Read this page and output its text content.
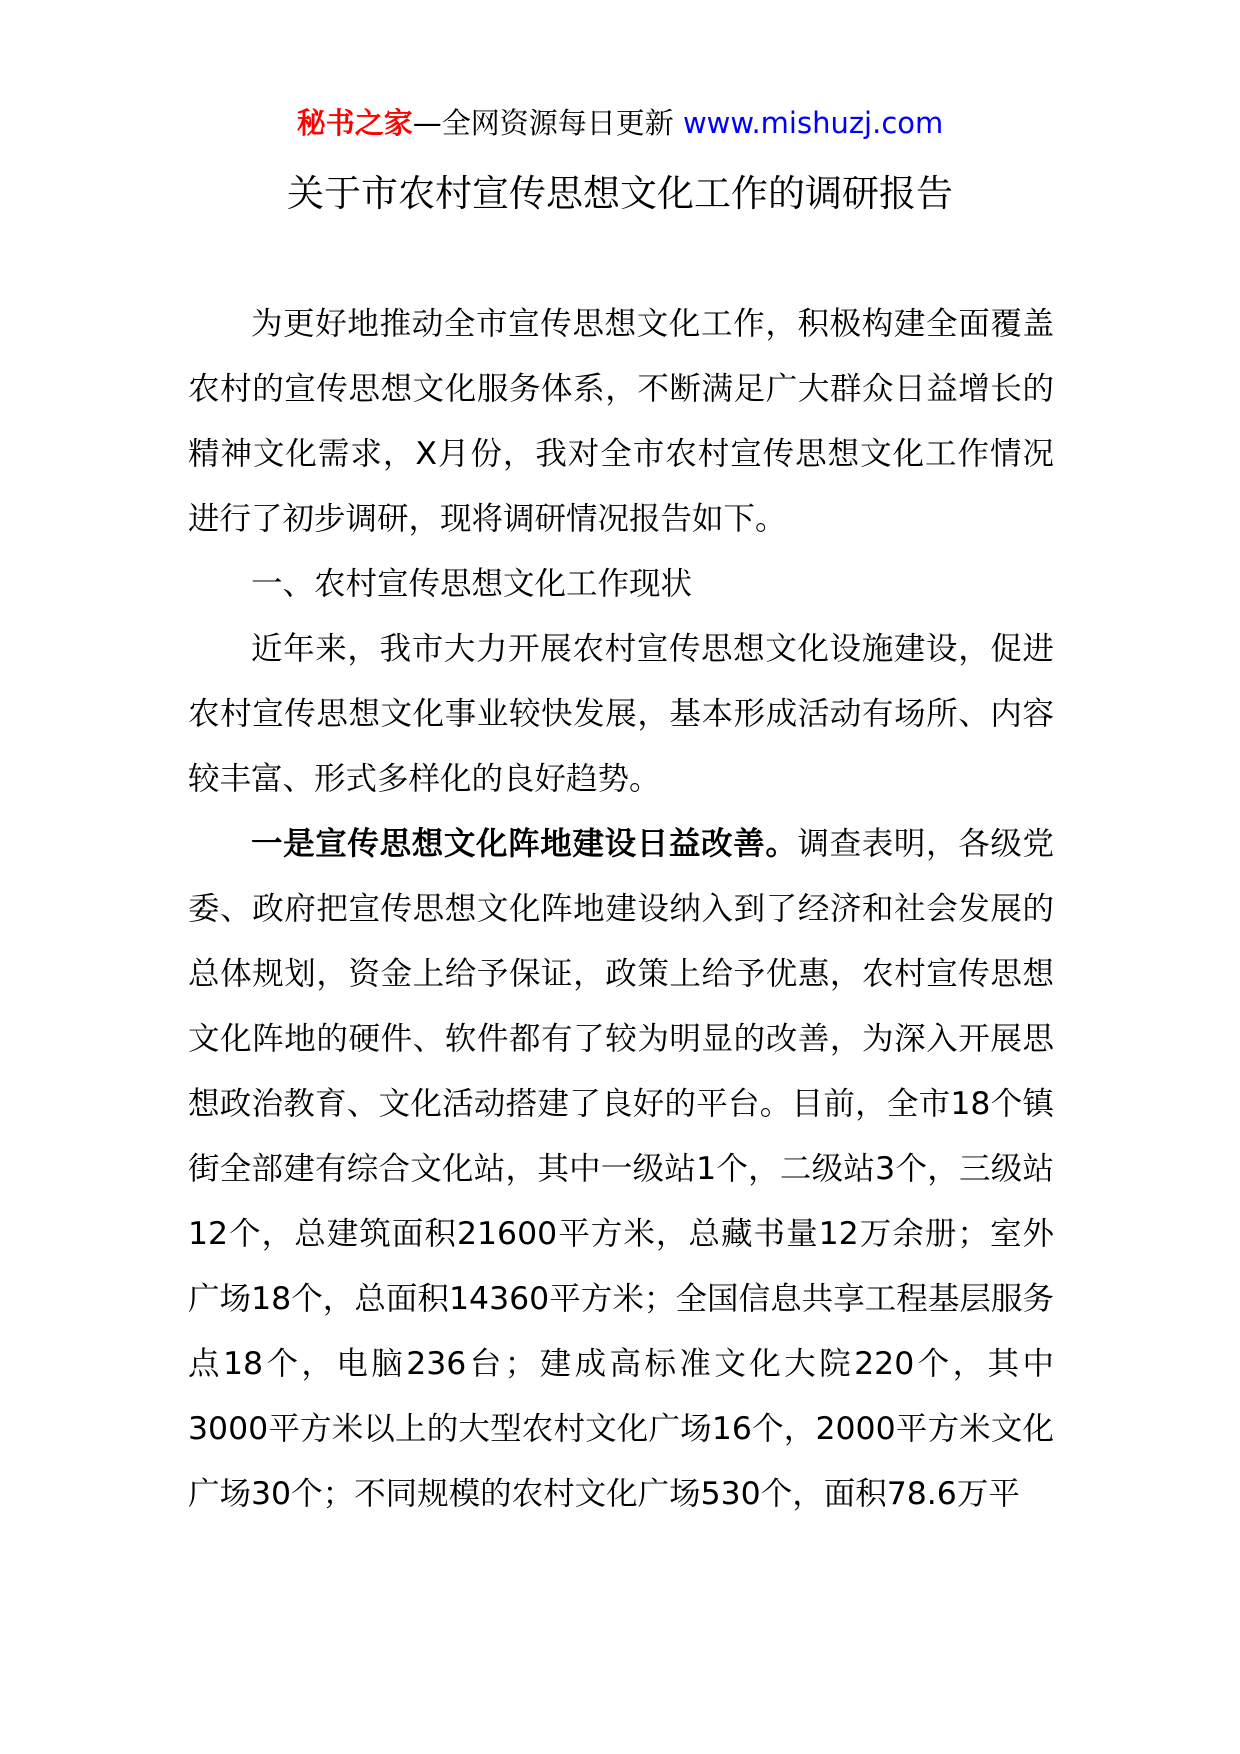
秘书之家—全网资源每日更新 www.mishuzj.com
关于市农村宣传思想文化工作的调研报告

为更好地推动全市宣传思想文化工作，积极构建全面覆盖农村的宣传思想文化服务体系，不断满足广大群众日益增长的精神文化需求，X月份，我对全市农村宣传思想文化工作情况进行了初步调研，现将调研情况报告如下。

一、农村宣传思想文化工作现状

近年来，我市大力开展农村宣传思想文化设施建设，促进农村宣传思想文化事业较快发展，基本形成活动有场所、内容较丰富、形式多样化的良好趋势。

一是宣传思想文化阵地建设日益改善。调查表明，各级党委、政府把宣传思想文化阵地建设纳入到了经济和社会发展的总体规划，资金上给予保证，政策上给予优惠，农村宣传思想文化阵地的硬件、软件都有了较为明显的改善，为深入开展思想政治教育、文化活动搭建了良好的平台。目前，全市18个镇街全部建有综合文化站，其中一级站1个，二级站3个，三级站12个，总建筑面积21600平方米，总藏书量12万余册；室外广场18个，总面积14360平方米；全国信息共享工程基层服务点18个，电脑236台；建成高标准文化大院220个，其中3000平方米以上的大型农村文化广场16个，2000平方米文化广场30个；不同规模的农村文化广场530个，面积78.6万平
